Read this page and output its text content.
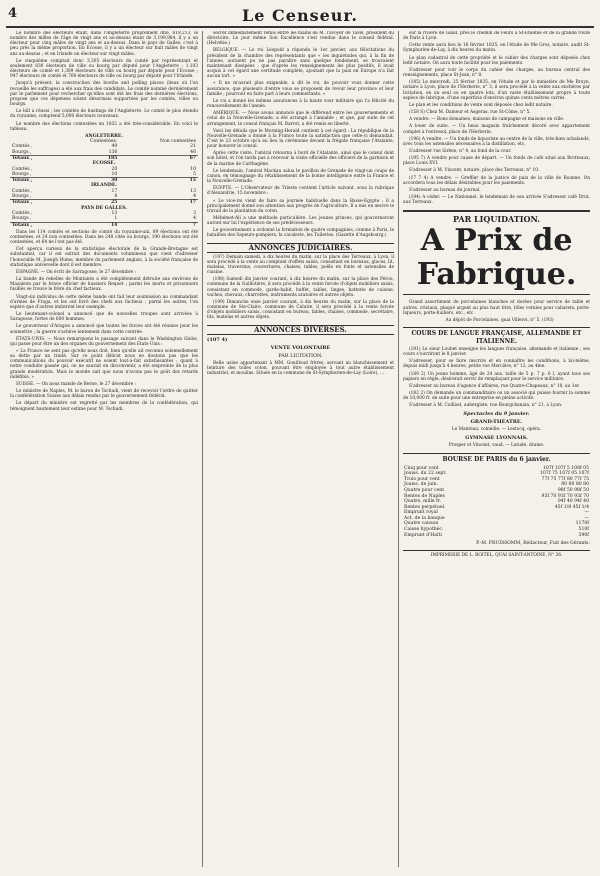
4	Le Censeur.

Le nombre des électeurs étant, dans l'Angleterre proprement dite, 619,213, le nombre des milles de l'âge de vingt ans et au-dessus étant de 3,199,984, il y a un électeur pour cinq mâles de vingt ans et au-dessus. Dans le pays de Galles, c'est à peu près la même proportion. En Ecosse, il y a un électeur sur huit mâles de vingt ans au-dessus ; et en Irlande un électeur sur vingt mâles.

Le cinquième comptait donc 3,305 électeurs du comté par représentant et seulement 830 électeurs de ville ou bourg par député pour l'Angleterre ; 1,103 électeurs de comté et 1,309 électeurs de ville ou bourg par député pour l'Ecosse ; 947 électeurs de comté et 769 électeurs de ville ou bourg par député pour l'Irlande.

Jusqu'à présent, la construction des booths and polling places (lieux où l'on recueille les suffrages) a été aux frais des candidats. Le comité nommé dernièrement par le parlement pour rechercher qu'elles sont été les frais des dernières élections, propose que ces dépenses soient désormais supportées par les comtés, villes ou bourgs.

Le bill a réussi ; les comités de hustings de l'Angleterre. Le comté le plus étendu du royaume, comprend 5,000 électeurs nouveaux.

Le nombre des élections contestées en 1832 a été très-considérable. En voici le tableau.

ANGLETERRE.		
	Contestées.	Non contestées
Comtés ,	49	21
Bourgs ,	136	46
Totaux ,	185	67
ECOSSE.		
Comtés ,	20	10
Bourgs ,	10	5
Totaux ,	30	15
IRLANDE.		
Comtés ,	17	13
Bourgs ,	8	4
Totaux ,	25	17
PAYS DE GALLES.		
Comtés ,	13	3
Bourgs ,	1	4
Totaux ,	14	7

Dans les 114 comtés et sections de comté du royaume-uni, 89 élections ont été contestées, et 24 non contestées. Dans les 248 cités ou bourgs, 190 élections ont été contestées, et 64 ne l'ont pas été.

Cet aperçu curieux de la statistique électorale de la Grande-Bretagne est substantiel, car il est extrait des documents volumineux que vient d'adresser l'honorable M. Joseph Hume, membre du parlement anglais, à la société française de statistique universelle dont il est membre.

ESPAGNE. — On écrit de Sarragosse, le 27 décembre :

La bande de rebelles de Montanès a été complètement détruite aux environs de Mazaleon par le brave officier de hussiers Requet ; parmi les morts et prisonniers fusillés se trouve le frère du chef factieux.

Vingt-six individus de cette même bande ont fait leur soumission au commandant d'armes de Fraga, et les ont livré des chefs aux factieux ; parmi les autres, l'on espère que d'autres imiteront leur exemple.

Le lieutenant-colonel a annoncé que de nouvelles troupes sont arrivées à Saragosse, fortes de 600 hommes.

Le gouverneur d'Aragon a annoncé que toutes les forces ont été réunies pour les soumettre ; la guerre s'achève lentement dans cette contrée.

ÉTATS-UNIS. — Nous remarquons le passage suivant dans le Washington Globe, qui passe pour être un des organes du gouvernement des Etats-Unis :

« La France ne sent pas qu'elle nous doit, bien qu'elle ait reconnu solennellement sa dette par un traité. Sur ce point délicat nous ne doutons pas que les communications du pouvoir exécutif ne soient tout-à-fait satisfaisantes ; quant à notre conduite passée qui, on ne saurait en disconvenir, a été empreinte de la plus grande modération. Mais le monde sait que nous n'avons pas le goût des retards indéfinis. »

SUISSE. — On nous mande de Berne, le 27 décembre :

Le ministre de Naples, M. le baron de Tschudi, vient de recevoir l'ordre de quitter la confédération Suisse aux délais rendus par le gouvernement fédéral.

Le départ du ministre est regretté par les membres de la confédération, qui témoignent hautement leur estime pour M. Tschudi.

secret immédiatement remis entre les mains de M. l'avoyer de Tavel, président du directoire. Le jour même Son Excellence s'est rendue dans le conseil fédéral. (Helvétie.)

BELGIQUE. — Le roi Léopold a répondu le 1er janvier, aux félicitations du président de la chambre des représentants que « les inquiétudes qui, à la fin de l'année, auraient pu ne pas paraître sans quelque fondement, se trouvaient maintenant dissipées ; que d'après les renseignements les plus positifs, il avait acquis à cet égard une certitude complète, ajoutant que la paix en Europe n'a fait aucun tort. »

« Il ne m'aurait plus exigeable, a dit le roi, de pouvoir vous donner cette assurance, que plusieurs d'entre vous se proposent de revoir leur province et leur famille ; pourront en faire part à leurs commettants. »

Le roi a donné les mêmes assurances à la haute cour militaire qui l'a félicité du renouvellement de l'année.

AMÉRIQUE. — Nous avons annoncé que le différend entre les gouvernements et celui de la Nouvelle-Grenade, a été arrangé à l'amiable ; et que, par suite de cet arrangement, le consul français M. Barrot, a été remis en liberté.

Voici les détails que le Morning-Herald contient à cet égard : La république de la Nouvelle-Grenade a donné à la France toute la satisfaction que celle-ci demandait. C'est le 23 octobre qu'a eu lieu la cérémonie devant la frégate française l'Atalante, pour honorer le consul.

Après cette visite, l'amiral retourna à bord de l'Atalante, ainsi que le consul dont son hôtel, et l'on tarda pas à recevoir la visite officielle des officiers de la garnison et de la marine de Carthagène.

Le lendemain, l'amiral Mackau salua le pavillon de Grenade de vingt-un coups de canon, en témoignage du rétablissement de la bonne intelligence entre la France et la Nouvelle-Grenade.

ÉGYPTE. — L'Observateur de Trieste contient l'article suivant, sous la rubrique d'Alexandrie, 15 novembre :

« Le vice-roi vient de faire sa journée habituelle dans la Basse-Egypte ; il a principalement donné son attention aux progrès de l'agriculture. Il a mis en œuvre le travail de la plantation du coton.

Méhémet-Ali a une méthode particulière. Les jeunes princes, qui gouverneront auront sur lui l'expérience de ses prédécesseurs.

Le gouvernement a ordonné la formation de quatre compagnies, comme à Paris, le bataillon des Sapeurs-pompiers, la cavalerie, les Tuileries. (Gazette d'Augsbourg.)

ANNONCES JUDICIAIRES.

(197) Demain samedi, à dix heures du matin, sur la place des Terreaux, à Lyon, il sera procédé à la vente au comptant d'effets saisis, consistant en bureaux, glaces, lit, matelas, traversins, couvertures, chaises, tables, poêle en fonte et ustensiles de cuisine.

(198) Samedi dix janvier courant, à dix heures du matin, sur la place des Pérou, commune de la Guillotière, il sera procédé à la vente forcée d'objets mobiliers saisis, consistant en commode, garde-habit, buffet, tables, linges, batterie de cuisine, vaches, chevaux, charrettes, instruments aratoires et autres objets.

(199) Dimanche onze janvier courant, à dix heures du matin, sur la place de la commune de Ste-Claire, commune de Caluire, il sera procédé à la vente forcée d'objets mobiliers saisis, consistant en bureau, tables, chaises, commode, secrétaire, lits, matelas et autres objets.

ANNONCES DIVERSES.
(107 4)
VENTE VOLONTAIRE
PAR LICITATION.

Belle usine appartenant à MM. Gouilloud frères, servant au blanchissement et teinture des toiles coton, pouvant être employée à tout autre établissement industriel, et moulins. Située en la commune de St-Symphorien-de-Lay (Loire), ...

sur la rivière de Gand, près le chemin de Feurs à St-Etienne et de la grande route de Paris à Lyon.

Cette vente aura lieu le 16 février 1835, en l'étude de Me Gros, notaire, audit St-Symphorien-de-Lay, à dix heures du matin.

Le plan cadastral de cette propriété et le cahier des charges sont déposés chez ledit notaire. On aura toute facilité pour les paiements.

S'adresser pour voir le corps du cahier des charges, au bureau central des renseignements, place St-Jean, n° 8.

(185) Le mercredi, 25 février 1835, en l'étude et par le ministère de Me Bruyn, notaire à Lyon, place de l'Herberie, n° 3, il sera procédé à la vente aux enchères par licitation, en un seul ou en quatre lots, d'un vaste établissement propre à toute espèce de fabrique, d'une superficie d'environ quinze cents mètres carrés.

Le plan et les conditions de vente sont déposés chez ledit notaire.

(158 S) Chez M. Dameur et Asgeras, rue St-Côme, n° 5.

A vendre. — Bons domaines, maisons de campagne et maisons en ville.

A louer de suite. — Un beau magasin fraîchement décoré avec appartement complet à l'entresol, place de l'Herberie.

(196) A vendre. — Un fonds de liquoriste au centre de la ville, très-bien achalandé, avec tous les ustensiles nécessaires à la distillation, etc.

S'adresser rue Sirène, n° 4, au fond de la cour.

(195 7) A vendre pour cause de départ. — Un fonds de café situé aux Brotteaux, place Louis XVI.

S'adresser à M. Vincent, notaire, place des Terreaux, n° 10.

(17 7 4) A vendre. — Greffier de la justice de paix de la ville de Roanne. On accordera tous les délais désirables pour les paiements.

S'adresser au bureau du journal.

(194) A céder. — Le Nationnel, le lendemain de son arrivée S'adresser café Drut, aux Terreaux.

PAR LIQUIDATION.
A Prix de Fabrique.

Grand assortiment de porcelaines blanches et dorées pour service de table et autres, cristaux, plaqué argent au plus haut titre, tôles vernies pour cabarets, porte-liqueurs, porte-huiliers, etc., etc.

Au dépôt de Porcelaines, quai Villeroi, n° 5. (193)

COURS DE LANGUE FRANÇAISE, ALLEMANDE ET ITALIENNE.

(191) Le sieur Loubet enseigne les langues française, allemande et italienne ; ses cours s'ouvriront le 8 janvier.

S'adresser, pour se faire inscrire et en connaître les conditions, à lui-même, depuis midi jusqu'à 4 heures, petite rue Mercière, n° 12, au 4me.

(189 2) Un jeune homme, âgé de 24 ans, taille de 5 p. 7 p. 6 l, ayant tous ses papiers en règle, désirerait servir de remplaçant pour le service militaire.

S'adresser au bureau d'agence d'affaires, rue Quatre-Chapeaux, n° 10, au 1er.

(182 2) On demande un commanditaire ou un associé qui puisse fournir la somme de 10,000 fr. de suite pour une entreprise en pleine activité.

S'adresser à M. Coilliod, aubergiste, rue Bourgchanain, n° 21, à Lyon.

Spectacles du 9 janvier.
GRAND-THÉATRE.
Le Manteau, comédie. — Lestocq, opéra.
GYMNASE LYONNAIS.
Prosper et Vincent, vaud. — Latude, drame.
BOURSE DE PARIS du 6 janvier.
Cinq pour cent	107f 107f 5 108f 05
Jouiss. du 22 sept.	107f 75 107f 05 107f
Trois pour cent	77f 75 77f 80 77f 75
Jouiss. de juin.	80 80 80 80
Quatre pour cent	98f 50 98f 50
Rentes de Naples	93f 70 93f 70 93f 70
Quatre, mille fr.	94f 40 94f 40
Rentes perpétuel.	45f 1/8 45f 1/4
Emprunt royal	—
Act. de la banque	—
Quatre canaux	1170f
Caisse hypothéc.	510f
Emprunt d'Haïti	390f
P.-M. PRUDHOMM, Rédacteur, Fuit des Gérants.
IMPRIMERIE DE L. BOITEL, QUAI SAINT-ANTOINE, N° 36.
